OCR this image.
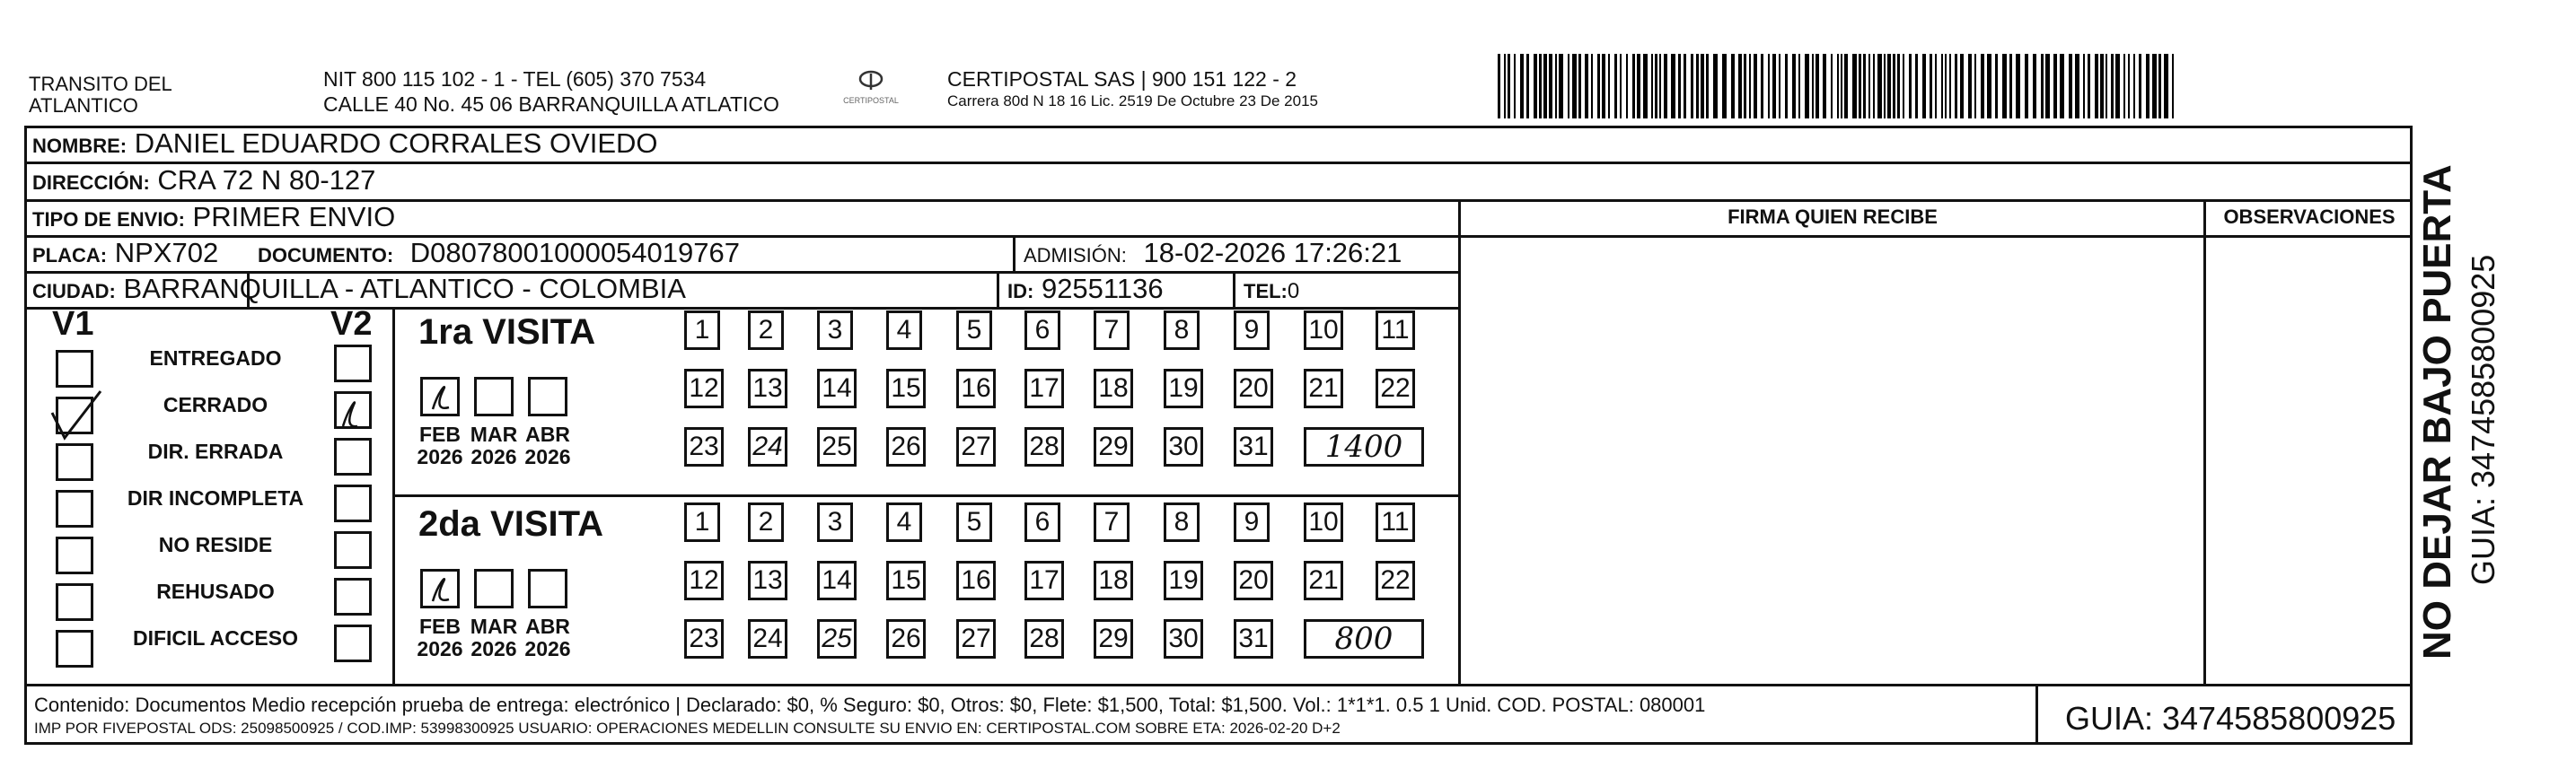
TRANSITO DEL
ATLANTICO
NIT 800 115 102 - 1 - TEL (605) 370 7534
CALLE 40 No. 45 06 BARRANQUILLA ATLATICO	CERTIPOSTAL
CERTIPOSTAL SAS | 900 151 122 - 2
Carrera 80d N 18 16 Lic. 2519 De Octubre 23 De 2015
NOMBRE: DANIEL EDUARDO CORRALES OVIEDO
DIRECCIÓN: CRA 72 N 80-127
TIPO DE ENVIO: PRIMER ENVIO
PLACA: NPX702 DOCUMENTO: D08078001000054019767	ADMISIÓN: 18-02-2026 17:26:21
CIUDAD: BARRANQUILLA - ATLANTICO - COLOMBIA	ID: 92551136	TEL:0
FIRMA QUIEN RECIBE	OBSERVACIONES
V1	V2
ENTREGADO
CERRADO
DIR. ERRADA
DIR INCOMPLETA
NO RESIDE
REHUSADO
DIFICIL ACCESO
1ra VISITA
2da VISITA
FEB
2026
MAR
2026
ABR
2026
1	2	3	4	5	6	7	8	9	10 11
12 13 14 15 16 17 18 19 20 21 22
23 24 25 26 27 28 29 30 31	1400
FEB
2026
MAR
2026
ABR
2026
1	2	3	4	5	6	7	8	9	10 11
12 13 14 15 16 17 18 19 20 21 22
23 24 25 26 27 28 29 30 31	800
Contenido: Documentos Medio recepción prueba de entrega: electrónico | Declarado: $0, % Seguro: $0, Otros: $0, Flete: $1,500, Total: $1,500. Vol.: 1*1*1. 0.5 1 Unid. COD. POSTAL: 080001
IMP POR FIVEPOSTAL ODS: 25098500925 / COD.IMP: 53998300925 USUARIO: OPERACIONES MEDELLIN CONSULTE SU ENVIO EN: CERTIPOSTAL.COM SOBRE ETA: 2026-02-20 D+2	GUIA: 3474585800925
NO DEJAR BAJO PUERTA GUIA: 3474585800925
